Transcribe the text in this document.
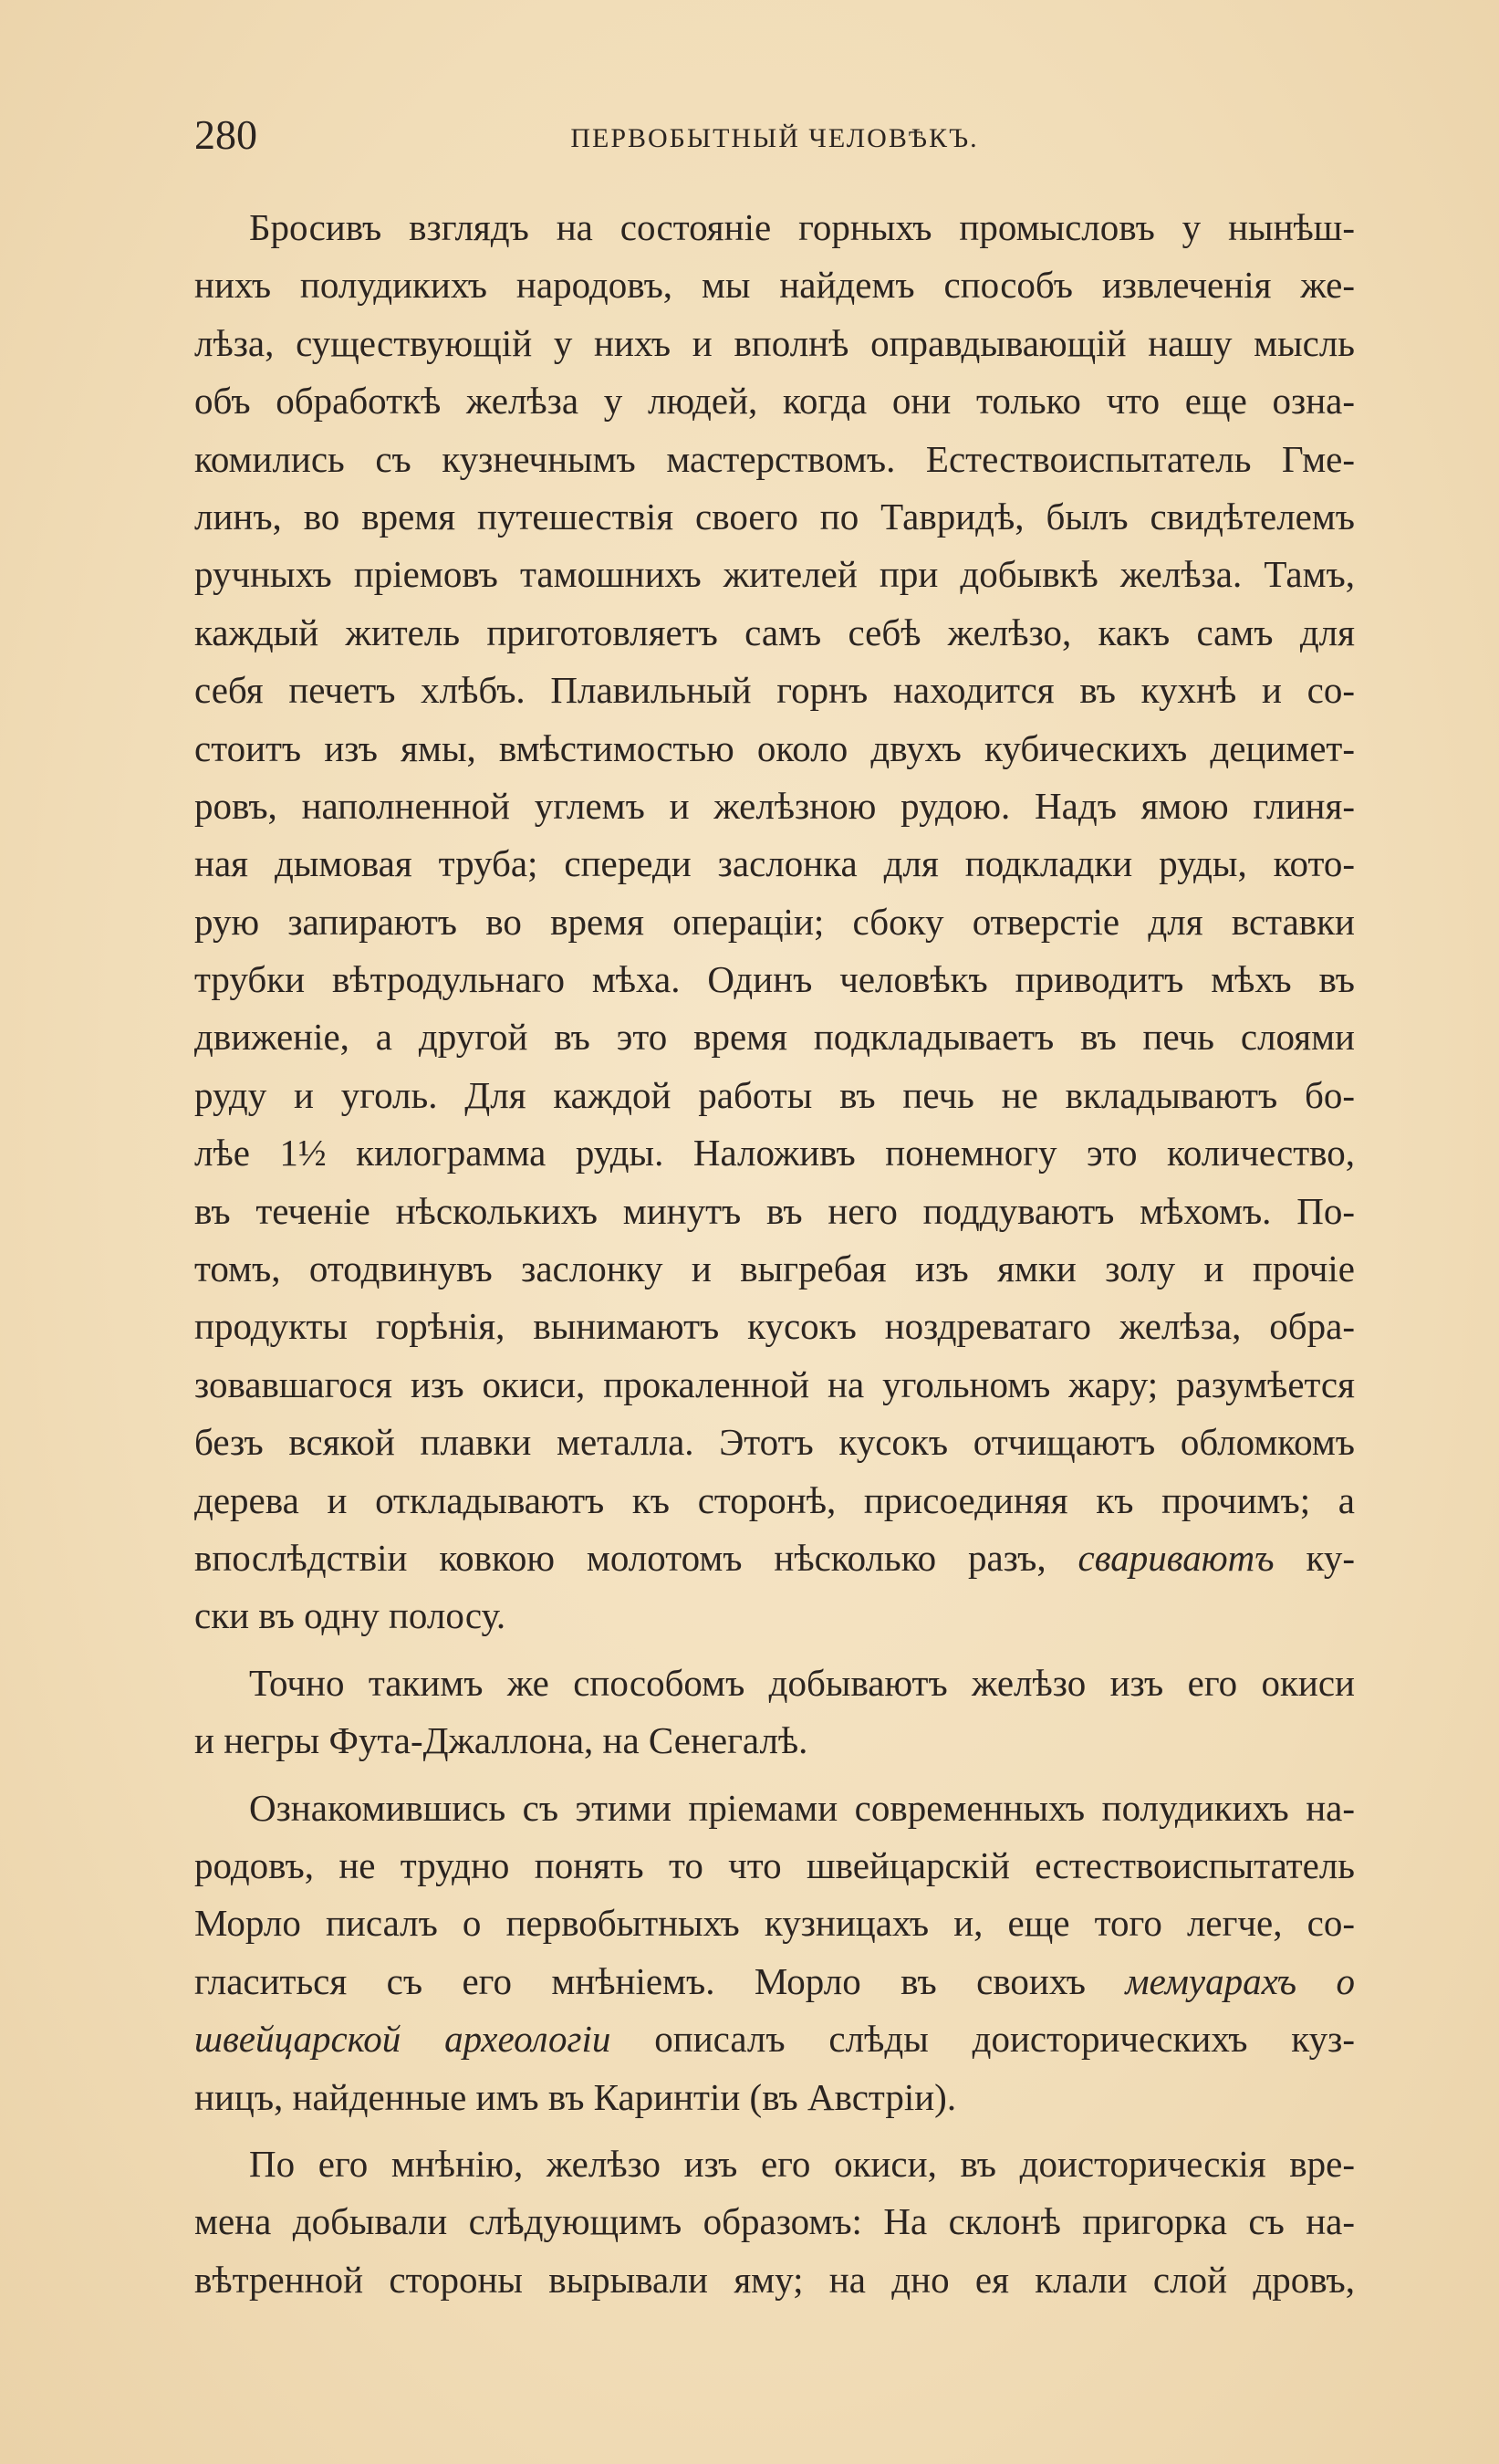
280	ПЕРВОБЫТНЫЙ ЧЕЛОВѢКЪ.
Бросивъ взглядъ на состояніе горныхъ промысловъ у нынѣш-
нихъ полудикихъ народовъ, мы найдемъ способъ извлеченія же-
лѣза, существующій у нихъ и вполнѣ оправдывающій нашу мысль
объ обработкѣ желѣза у людей, когда они только что еще озна-
комились съ кузнечнымъ мастерствомъ. Естествоиспытатель Гме-
линъ, во время путешествія своего по Тавридѣ, былъ свидѣтелемъ
ручныхъ пріемовъ тамошнихъ жителей при добывкѣ желѣза. Тамъ,
каждый житель приготовляетъ самъ себѣ желѣзо, какъ самъ для
себя печетъ хлѣбъ. Плавильный горнъ находится въ кухнѣ и со-
стоитъ изъ ямы, вмѣстимостью около двухъ кубическихъ децимет-
ровъ, наполненной углемъ и желѣзною рудою. Надъ ямою глиня-
ная дымовая труба; спереди заслонка для подкладки руды, кото-
рую запираютъ во время операціи; сбоку отверстіе для вставки
трубки вѣтродульнаго мѣха. Одинъ человѣкъ приводитъ мѣхъ въ
движеніе, а другой въ это время подкладываетъ въ печь слоями
руду и уголь. Для каждой работы въ печь не вкладываютъ бо-
лѣе 1½ килограмма руды. Наложивъ понемногу это количество,
въ теченіе нѣсколькихъ минутъ въ него поддуваютъ мѣхомъ. По-
томъ, отодвинувъ заслонку и выгребая изъ ямки золу и прочіе
продукты горѣнія, вынимаютъ кусокъ ноздреватаго желѣза, обра-
зовавшагося изъ окиси, прокаленной на угольномъ жару; разумѣется
безъ всякой плавки металла. Этотъ кусокъ отчищаютъ обломкомъ
дерева и откладываютъ къ сторонѣ, присоединяя къ прочимъ; а
впослѣдствіи ковкою молотомъ нѣсколько разъ, свариваютъ ку-
ски въ одну полосу.
Точно такимъ же способомъ добываютъ желѣзо изъ его окиси
и негры Фута-Джаллона, на Сенегалѣ.
Ознакомившись съ этими пріемами современныхъ полудикихъ на-
родовъ, не трудно понять то что швейцарскій естествоиспытатель
Морло писалъ о первобытныхъ кузницахъ и, еще того легче, со-
гласиться съ его мнѣніемъ. Морло въ своихъ мемуарахъ о
швейцарской археологіи описалъ слѣды доисторическихъ куз-
ницъ, найденные имъ въ Каринтіи (въ Австріи).
По его мнѣнію, желѣзо изъ его окиси, въ доисторическія вре-
мена добывали слѣдующимъ образомъ: На склонѣ пригорка съ на-
вѣтренной стороны вырывали яму; на дно ея клали слой дровъ,
